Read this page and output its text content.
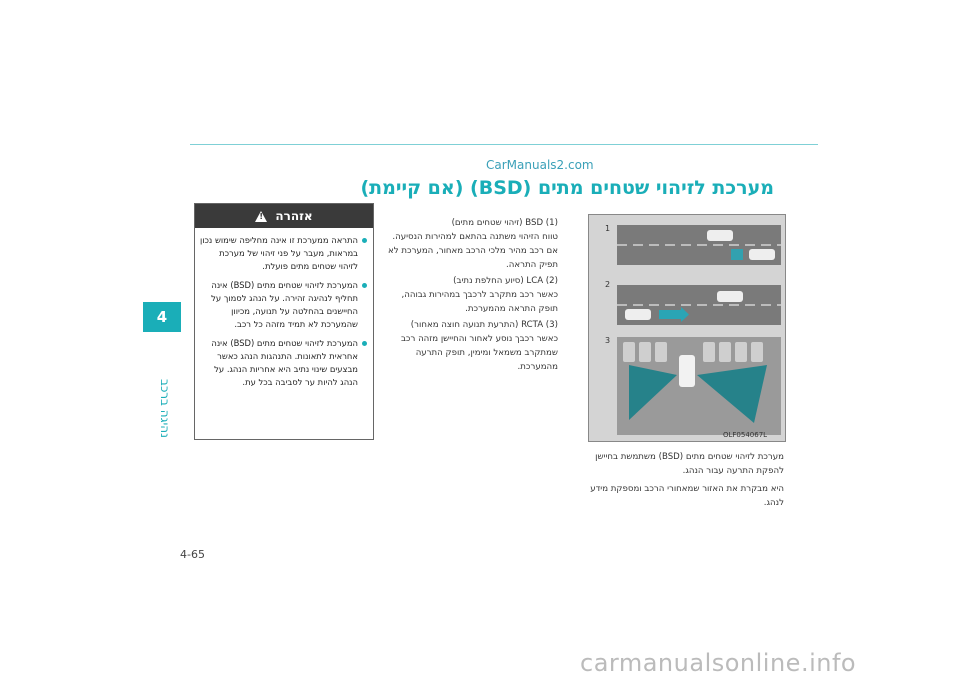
4
נהיגה ברכב
CarManuals2.com
מערכת לזיהוי שטחים מתים (BSD) (אם קיימת)
אזהרה
!
התראה ממערכת זו אינה מחליפה שימוש נכון במראות, מעבר על פני זיהוי של מערכת לזיהוי שטחים מתים פועלת.
המערכת לזיהוי שטחים מתים (BSD) אינה תחליף לנהיגה זהירה. על הנהג לסמוך על החיישנים בהחלטה על תנועה, מכיוון שהמערכת לא תמיד מזהה כל רכב.
המערכת לזיהוי שטחים מתים (BSD) אינה אחראית לתאונות. התנהגות הנהג כאשר מבצעים שינוי נתיב היא אחריות הנהג. על הנהג להיות ער לסביבה בכל עת.
(1) BSD (זיהוי שטחים מתים)

טווח הזיהוי משתנה בהתאם למהירות הנסיעה. אם רכב מהיר מלכי הרכב מאחור, המערכת לא תפיק התראה.

(2) LCA (סיוע החלפת נתיב)

כאשר רכב מתקרב לרכבך במהירות גבוהה, תופק התראה מהמערכת.

(3) RCTA (התרעת תנועה חוצה מאחור)

כאשר רכבך נוסע לאחור והחיישן מזהה רכב שמתקרב משמאל ומימין, תופק התרעה מהמערכת.

1
2
3
OLF054067L

מערכת לזיהוי שטחים מתים (BSD) משתמשת בחיישן להפקת התרעה עבור הנהג.

היא מבקרת את האזור שמאחורי הרכב ומספקת מידע לנהג.

4-65
carmanualsonline.info
